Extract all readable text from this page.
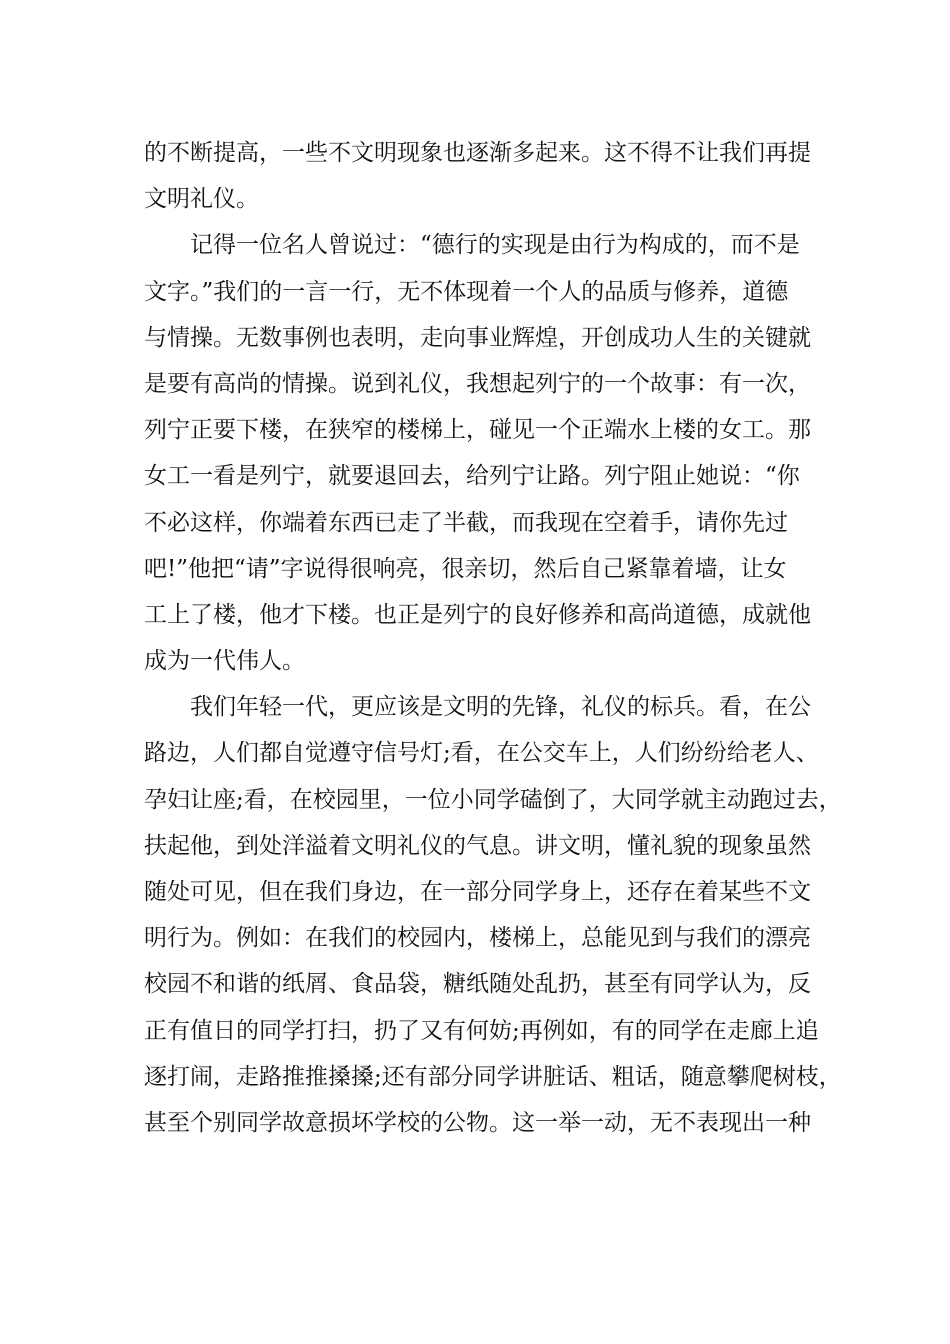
的不断提高，一些不文明现象也逐渐多起来。这不得不让我们再提
文明礼仪。
记得一位名人曾说过：“德行的实现是由行为构成的，而不是
文字。”我们的一言一行，无不体现着一个人的品质与修养，道德
与情操。无数事例也表明，走向事业辉煌，开创成功人生的关键就
是要有高尚的情操。说到礼仪，我想起列宁的一个故事：有一次，
列宁正要下楼，在狭窄的楼梯上，碰见一个正端水上楼的女工。那
女工一看是列宁，就要退回去，给列宁让路。列宁阻止她说：“你
不必这样，你端着东西已走了半截，而我现在空着手，请你先过
吧!”他把“请”字说得很响亮，很亲切，然后自己紧靠着墙，让女
工上了楼，他才下楼。也正是列宁的良好修养和高尚道德，成就他
成为一代伟人。
我们年轻一代，更应该是文明的先锋，礼仪的标兵。看，在公
路边，人们都自觉遵守信号灯;看，在公交车上，人们纷纷给老人、
孕妇让座;看，在校园里，一位小同学磕倒了，大同学就主动跑过去，
扶起他，到处洋溢着文明礼仪的气息。讲文明，懂礼貌的现象虽然
随处可见，但在我们身边，在一部分同学身上，还存在着某些不文
明行为。例如：在我们的校园内，楼梯上，总能见到与我们的漂亮
校园不和谐的纸屑、食品袋，糖纸随处乱扔，甚至有同学认为，反
正有值日的同学打扫，扔了又有何妨;再例如，有的同学在走廊上追
逐打闹，走路推推搡搡;还有部分同学讲脏话、粗话，随意攀爬树枝，
甚至个别同学故意损坏学校的公物。这一举一动，无不表现出一种
